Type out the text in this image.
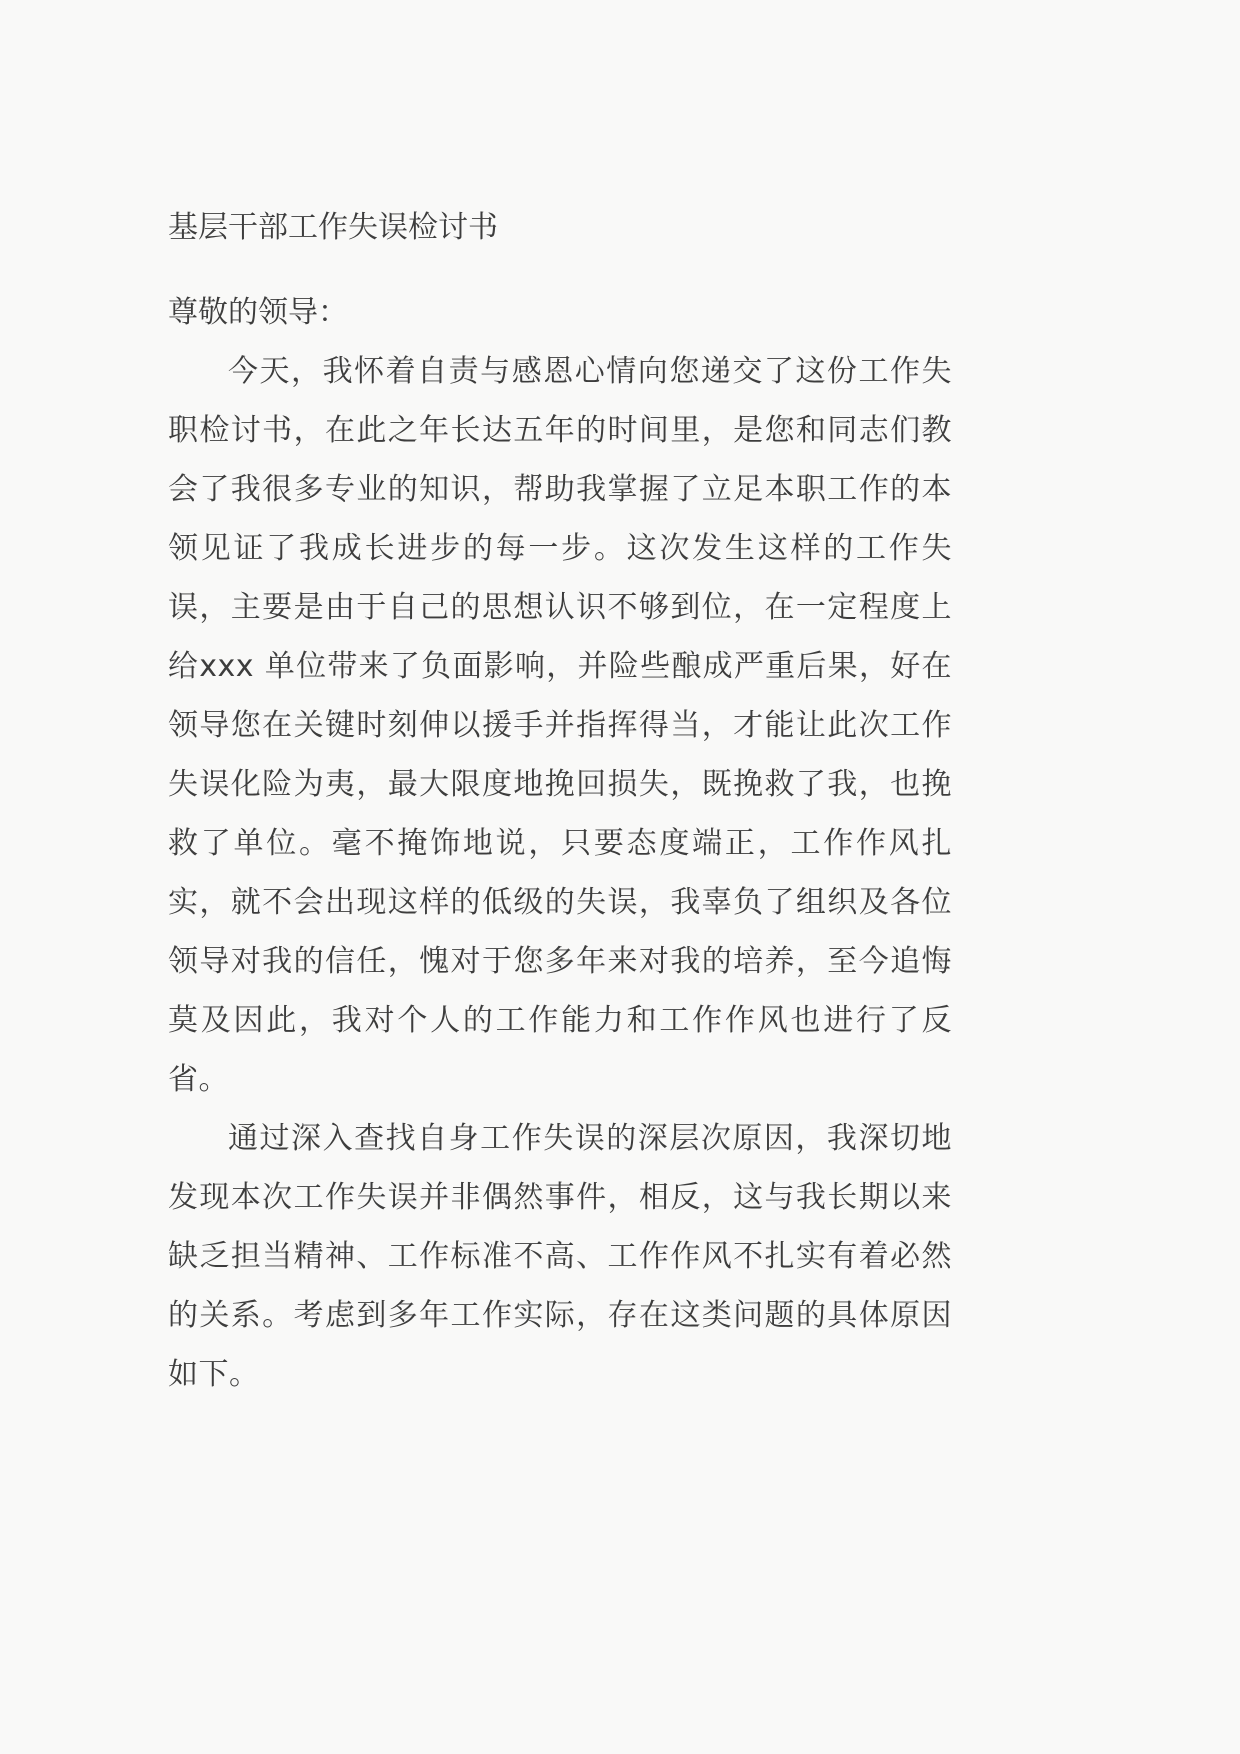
基层干部工作失误检讨书

尊敬的领导：

今天，我怀着自责与感恩心情向您递交了这份工作失职检讨书，在此之年长达五年的时间里，是您和同志们教会了我很多专业的知识，帮助我掌握了立足本职工作的本领见证了我成长进步的每一步。这次发生这样的工作失误，主要是由于自己的思想认识不够到位，在一定程度上给xxx 单位带来了负面影响，并险些酿成严重后果，好在领导您在关键时刻伸以援手并指挥得当，才能让此次工作失误化险为夷，最大限度地挽回损失，既挽救了我，也挽救了单位。毫不掩饰地说，只要态度端正，工作作风扎实，就不会出现这样的低级的失误，我辜负了组织及各位领导对我的信任，愧对于您多年来对我的培养，至今追悔莫及因此，我对个人的工作能力和工作作风也进行了反省。

通过深入查找自身工作失误的深层次原因，我深切地发现本次工作失误并非偶然事件，相反，这与我长期以来缺乏担当精神、工作标准不高、工作作风不扎实有着必然的关系。考虑到多年工作实际，存在这类问题的具体原因如下。
